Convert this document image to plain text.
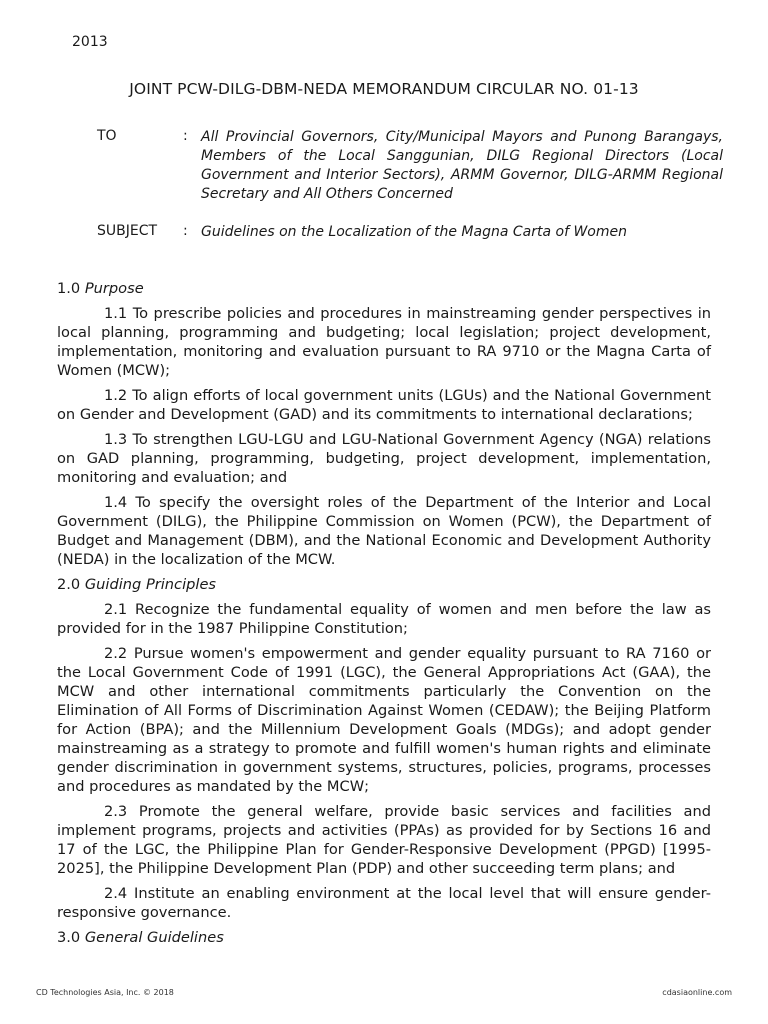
2013
JOINT PCW-DILG-DBM-NEDA MEMORANDUM CIRCULAR NO. 01-13
TO	: All Provincial Governors, City/Municipal Mayors and Punong Barangays, Members of the Local Sanggunian, DILG Regional Directors (Local Government and Interior Sectors), ARMM Governor, DILG-ARMM Regional Secretary and All Others Concerned
SUBJECT : Guidelines on the Localization of the Magna Carta of Women
1.0 Purpose

1.1 To prescribe policies and procedures in mainstreaming gender perspectives in local planning, programming and budgeting; local legislation; project development, implementation, monitoring and evaluation pursuant to RA 9710 or the Magna Carta of Women (MCW);

1.2 To align efforts of local government units (LGUs) and the National Government on Gender and Development (GAD) and its commitments to international declarations;

1.3 To strengthen LGU-LGU and LGU-National Government Agency (NGA) relations on GAD planning, programming, budgeting, project development, implementation, monitoring and evaluation; and

1.4 To specify the oversight roles of the Department of the Interior and Local Government (DILG), the Philippine Commission on Women (PCW), the Department of Budget and Management (DBM), and the National Economic and Development Authority (NEDA) in the localization of the MCW.

2.0 Guiding Principles

2.1 Recognize the fundamental equality of women and men before the law as provided for in the 1987 Philippine Constitution;

2.2 Pursue women's empowerment and gender equality pursuant to RA 7160 or the Local Government Code of 1991 (LGC), the General Appropriations Act (GAA), the MCW and other international commitments particularly the Convention on the Elimination of All Forms of Discrimination Against Women (CEDAW); the Beijing Platform for Action (BPA); and the Millennium Development Goals (MDGs); and adopt gender mainstreaming as a strategy to promote and fulfill women's human rights and eliminate gender discrimination in government systems, structures, policies, programs, processes and procedures as mandated by the MCW;

2.3 Promote the general welfare, provide basic services and facilities and implement programs, projects and activities (PPAs) as provided for by Sections 16 and 17 of the LGC, the Philippine Plan for Gender-Responsive Development (PPGD) [1995-2025], the Philippine Development Plan (PDP) and other succeeding term plans; and

2.4 Institute an enabling environment at the local level that will ensure gender-responsive governance.

3.0 General Guidelines
CD Technologies Asia, Inc. © 2018	cdasiaonline.com
